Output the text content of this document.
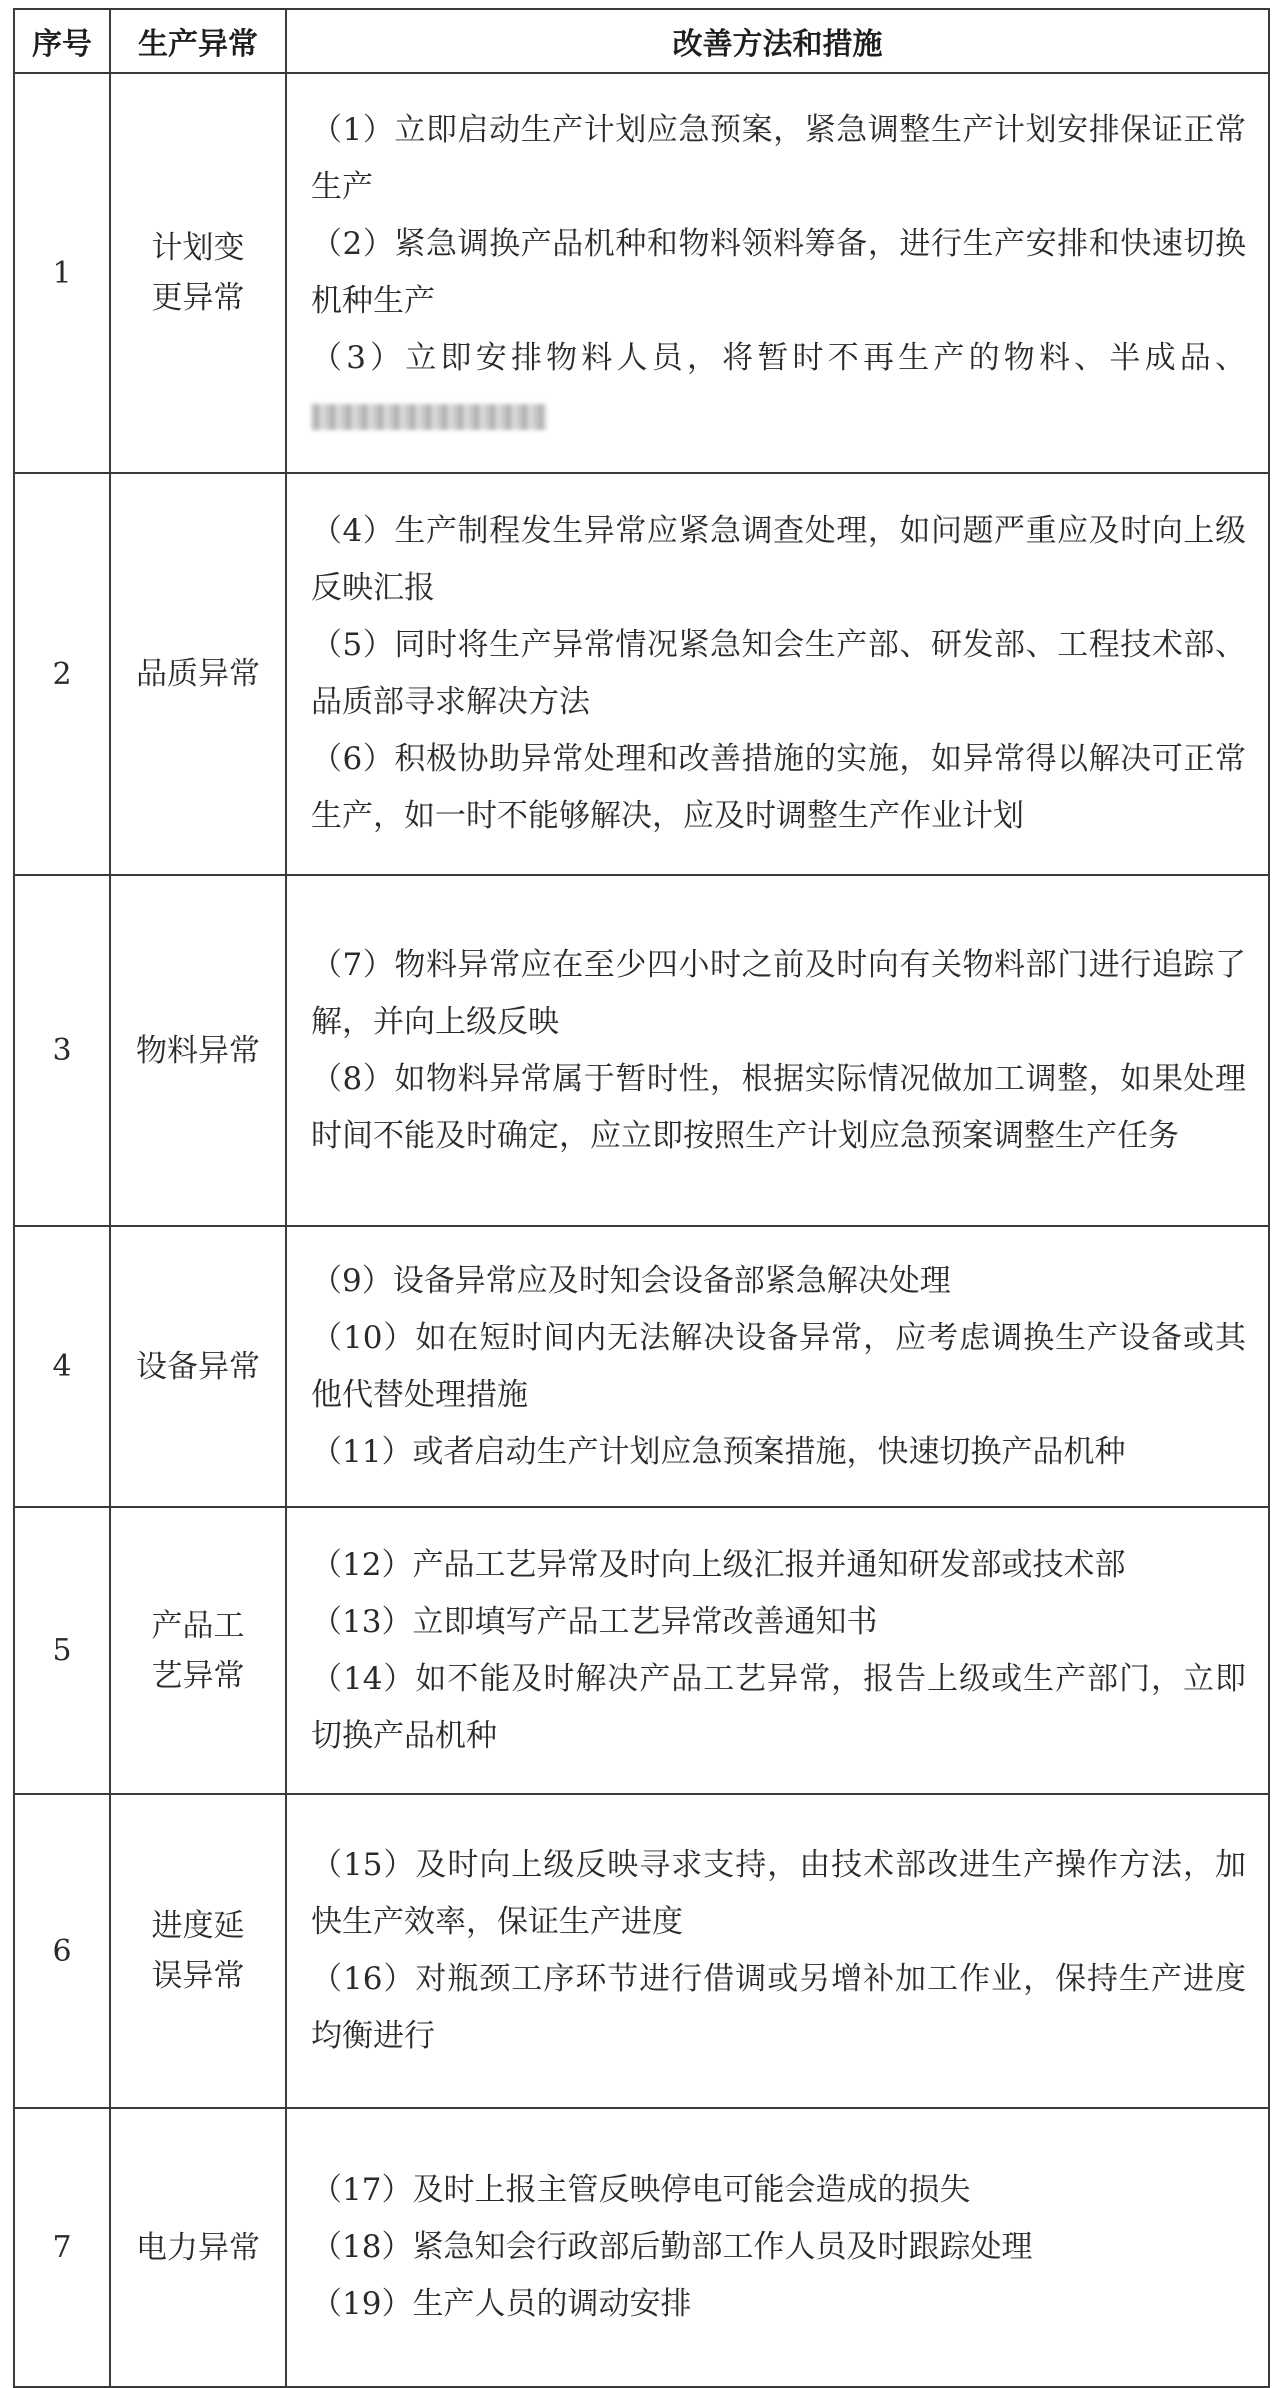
序号	生产异常	改善方法和措施
1	计划变更异常	（1）立即启动生产计划应急预案，紧急调整生产计划安排保证正常生产
（2）紧急调换产品机种和物料领料筹备，进行生产安排和快速切换机种生产
（3）立即安排物料人员，将暂时不再生产的物料、半成品、

2	品质异常	（4）生产制程发生异常应紧急调查处理，如问题严重应及时向上级反映汇报
（5）同时将生产异常情况紧急知会生产部、研发部、工程技术部、品质部寻求解决方法
（6）积极协助异常处理和改善措施的实施，如异常得以解决可正常生产，如一时不能够解决，应及时调整生产作业计划

3	物料异常	（7）物料异常应在至少四小时之前及时向有关物料部门进行追踪了解，并向上级反映
（8）如物料异常属于暂时性，根据实际情况做加工调整，如果处理时间不能及时确定，应立即按照生产计划应急预案调整生产任务

4	设备异常	（9）设备异常应及时知会设备部紧急解决处理
（10）如在短时间内无法解决设备异常，应考虑调换生产设备或其他代替处理措施
（11）或者启动生产计划应急预案措施，快速切换产品机种

5	产品工艺异常	（12）产品工艺异常及时向上级汇报并通知研发部或技术部
（13）立即填写产品工艺异常改善通知书
（14）如不能及时解决产品工艺异常，报告上级或生产部门，立即切换产品机种

6	进度延误异常	（15）及时向上级反映寻求支持，由技术部改进生产操作方法，加快生产效率，保证生产进度
（16）对瓶颈工序环节进行借调或另增补加工作业，保持生产进度均衡进行

7	电力异常	（17）及时上报主管反映停电可能会造成的损失
（18）紧急知会行政部后勤部工作人员及时跟踪处理
（19）生产人员的调动安排
